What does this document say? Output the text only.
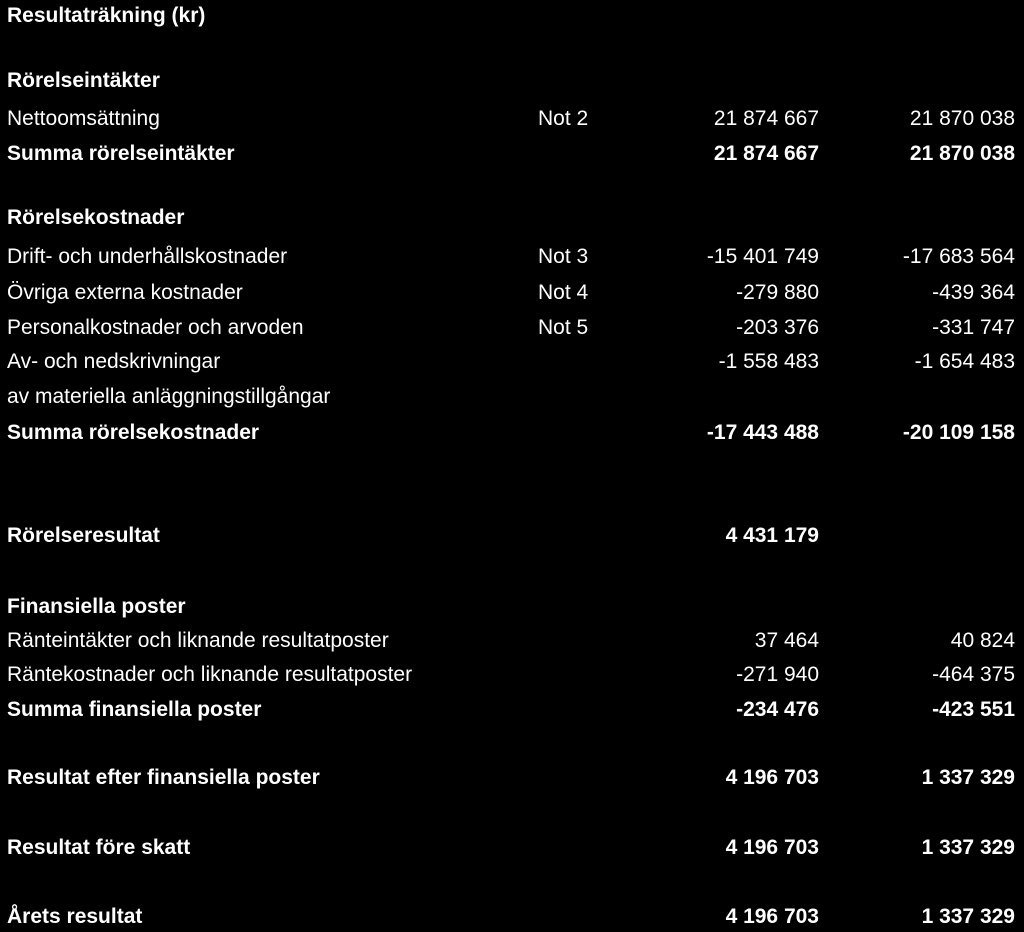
Resultaträkning (kr)
Rörelseintäkter
Nettoomsättning	Not 2	21 874 667	21 870 038
Summa rörelseintäkter	21 874 667	21 870 038
Rörelsekostnader
Drift- och underhållskostnader	Not 3	-15 401 749	-17 683 564
Övriga externa kostnader	Not 4	-279 880	-439 364
Personalkostnader och arvoden	Not 5	-203 376	-331 747
Av- och nedskrivningar	-1 558 483	-1 654 483
av materiella anläggningstillgångar
Summa rörelsekostnader	-17 443 488	-20 109 158
Rörelseresultat	4 431 179
Finansiella poster
Ränteintäkter och liknande resultatposter	37 464	40 824
Räntekostnader och liknande resultatposter	-271 940	-464 375
Summa finansiella poster	-234 476	-423 551
Resultat efter finansiella poster	4 196 703	1 337 329
Resultat före skatt	4 196 703	1 337 329
Årets resultat	4 196 703	1 337 329
